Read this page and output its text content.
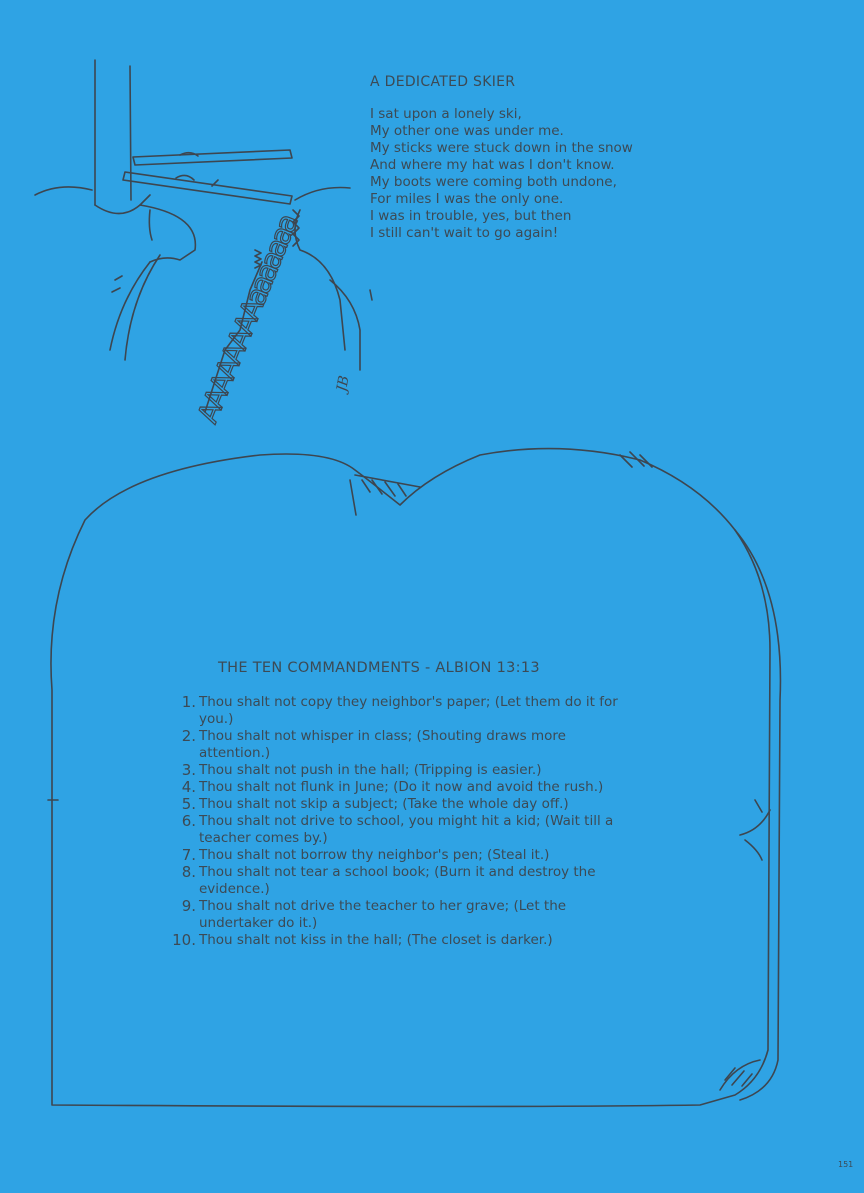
AAAAAAAAaaaaaaa JB
A DEDICATED SKIER
I sat upon a lonely ski,
My other one was under me.
My sticks were stuck down in the snow
And where my hat was I don't know.
My boots were coming both undone,
For miles I was the only one.
I was in trouble, yes, but then
I still can't wait to go again!
THE TEN COMMANDMENTS - ALBION 13:13
1. Thou shalt not copy they neighbor's paper; (Let them do it for you.)
2. Thou shalt not whisper in class; (Shouting draws more attention.)
3. Thou shalt not push in the hall; (Tripping is easier.)
4. Thou shalt not flunk in June; (Do it now and avoid the rush.)
5. Thou shalt not skip a subject; (Take the whole day off.)
6. Thou shalt not drive to school, you might hit a kid; (Wait till a teacher comes by.)
7. Thou shalt not borrow thy neighbor's pen; (Steal it.)
8. Thou shalt not tear a school book; (Burn it and destroy the evidence.)
9. Thou shalt not drive the teacher to her grave; (Let the undertaker do it.)
10. Thou shalt not kiss in the hall; (The closet is darker.)
151
